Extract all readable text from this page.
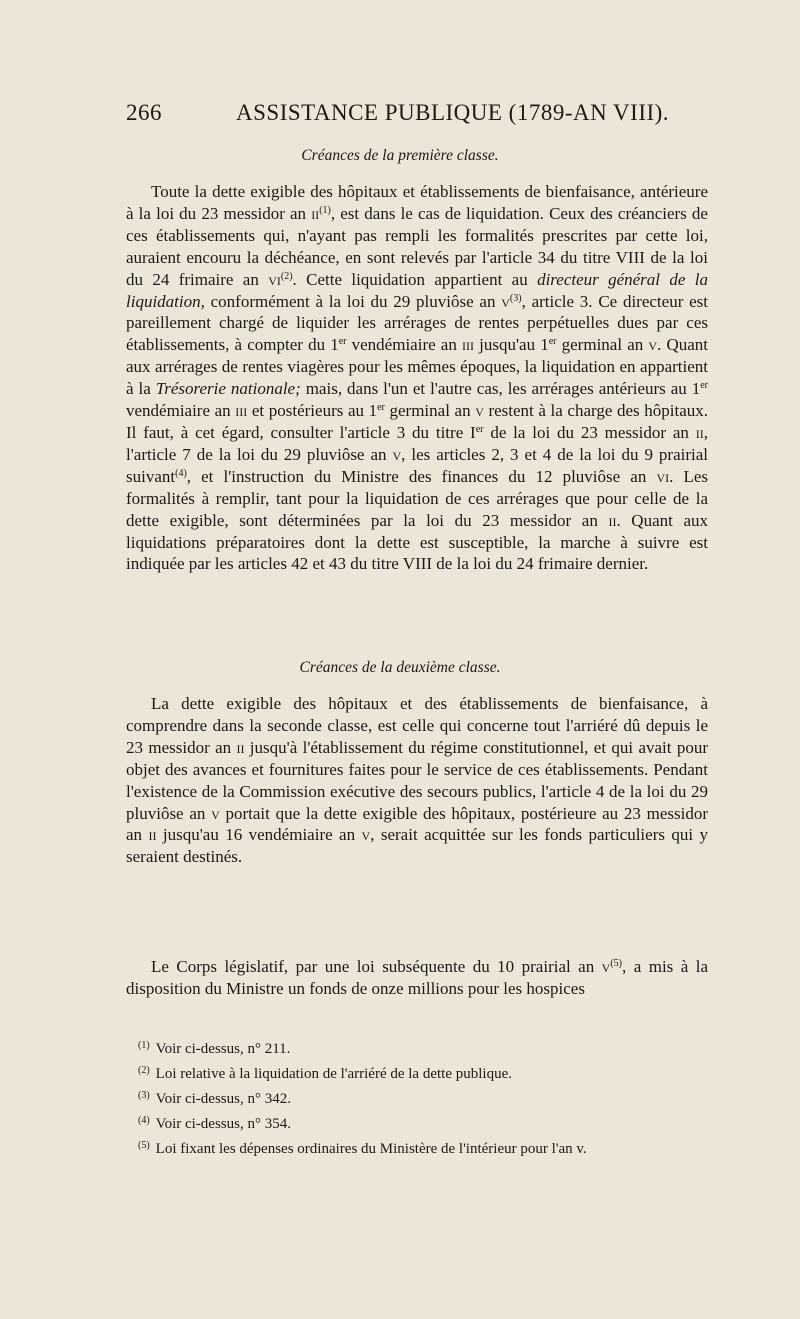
266	ASSISTANCE PUBLIQUE (1789-AN VIII).
Créances de la première classe.

Toute la dette exigible des hôpitaux et établissements de bienfaisance, antérieure à la loi du 23 messidor an $ii^{(1)}$, est dans le cas de liquidation. Ceux des créanciers de ces établissements qui, n'ayant pas rempli les formalités prescrites par cette loi, auraient encouru la déchéance, en sont relevés par l'article 34 du titre VIII de la loi du 24 frimaire an $vi^{(2)}$. Cette liquidation appartient au directeur général de la liquidation, conformément à la loi du 29 pluviôse an $v^{(3)}$, article 3. Ce directeur est pareillement chargé de liquider les arrérages de rentes perpétuelles dues par ces établissements, à compter du 1er vendémiaire an iii jusqu'au 1er germinal an v. Quant aux arrérages de rentes viagères pour les mêmes époques, la liquidation en appartient à la Trésorerie nationale; mais, dans l'un et l'autre cas, les arrérages antérieurs au 1er vendémiaire an iii et postérieurs au 1er germinal an v restent à la charge des hôpitaux. Il faut, à cet égard, consulter l'article 3 du titre Ier de la loi du 23 messidor an ii, l'article 7 de la loi du 29 pluviôse an v, les articles 2, 3 et 4 de la loi du 9 prairial suivant$^{(4)}$, et l'instruction du Ministre des finances du 12 pluviôse an vi. Les formalités à remplir, tant pour la liquidation de ces arrérages que pour celle de la dette exigible, sont déterminées par la loi du 23 messidor an ii. Quant aux liquidations préparatoires dont la dette est susceptible, la marche à suivre est indiquée par les articles 42 et 43 du titre VIII de la loi du 24 frimaire dernier.

Créances de la deuxième classe.

La dette exigible des hôpitaux et des établissements de bienfaisance, à comprendre dans la seconde classe, est celle qui concerne tout l'arriéré dû depuis le 23 messidor an ii jusqu'à l'établissement du régime constitutionnel, et qui avait pour objet des avances et fournitures faites pour le service de ces établissements. Pendant l'existence de la Commission exécutive des secours publics, l'article 4 de la loi du 29 pluviôse an v portait que la dette exigible des hôpitaux, postérieure au 23 messidor an ii jusqu'au 16 vendémiaire an v, serait acquittée sur les fonds particuliers qui y seraient destinés.

Le Corps législatif, par une loi subséquente du 10 prairial an $v^{(5)}$, a mis à la disposition du Ministre un fonds de onze millions pour les hospices

$^{(1)}$ Voir ci-dessus, n° 211.
$^{(2)}$ Loi relative à la liquidation de l'arriéré de la dette publique.
$^{(3)}$ Voir ci-dessus, n° 342.
$^{(4)}$ Voir ci-dessus, n° 354.
$^{(5)}$ Loi fixant les dépenses ordinaires du Ministère de l'intérieur pour l'an v.
